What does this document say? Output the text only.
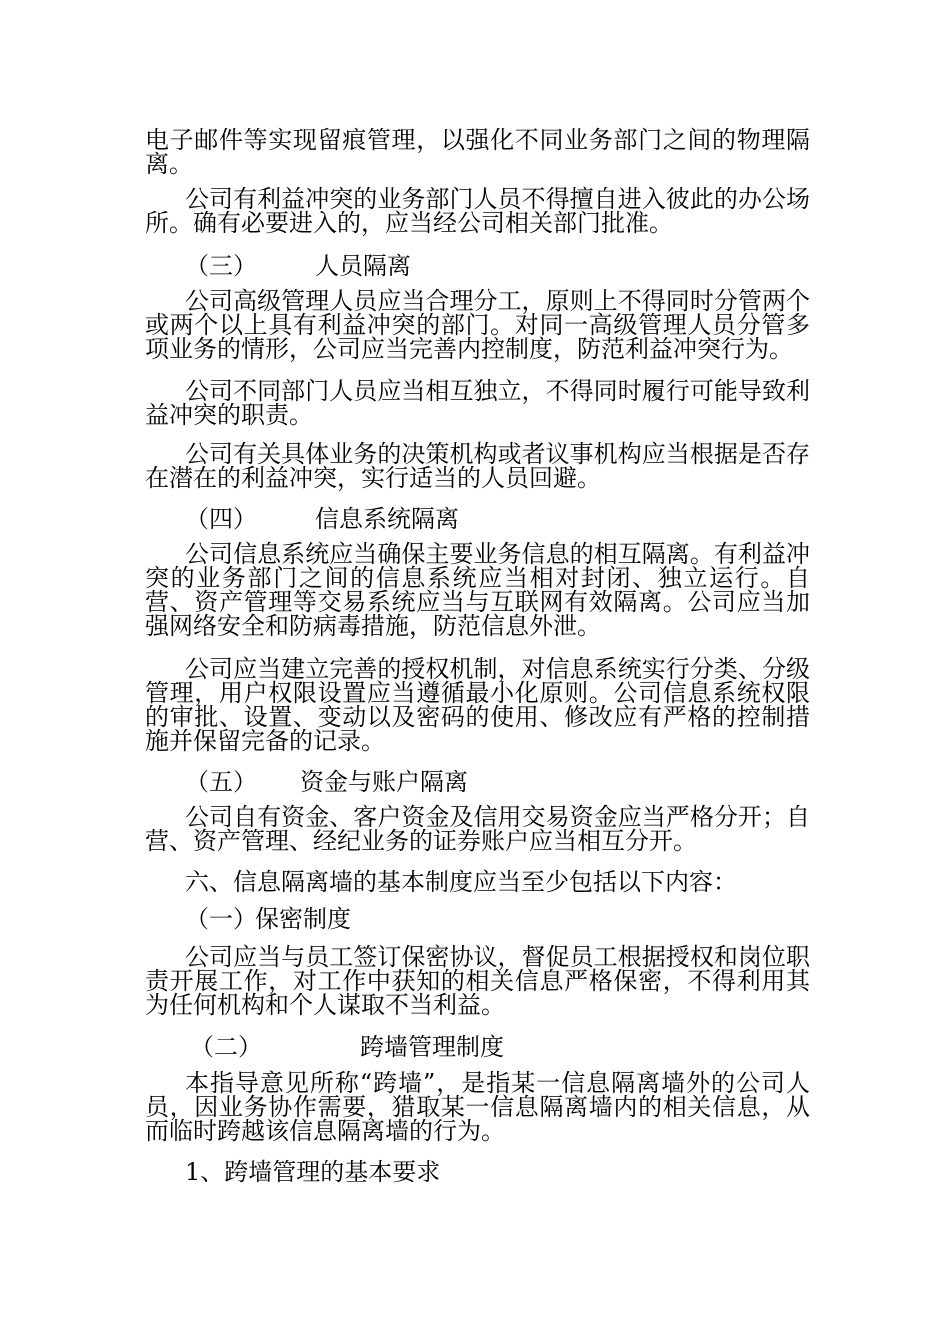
电子邮件等实现留痕管理，以强化不同业务部门之间的物理隔离。

公司有利益冲突的业务部门人员不得擅自进入彼此的办公场所。确有必要进入的，应当经公司相关部门批准。

（三） 人员隔离

公司高级管理人员应当合理分工，原则上不得同时分管两个或两个以上具有利益冲突的部门。对同一高级管理人员分管多项业务的情形，公司应当完善内控制度，防范利益冲突行为。

公司不同部门人员应当相互独立，不得同时履行可能导致利益冲突的职责。

公司有关具体业务的决策机构或者议事机构应当根据是否存在潜在的利益冲突，实行适当的人员回避。

（四） 信息系统隔离

公司信息系统应当确保主要业务信息的相互隔离。有利益冲突的业务部门之间的信息系统应当相对封闭、独立运行。自营、资产管理等交易系统应当与互联网有效隔离。公司应当加强网络安全和防病毒措施，防范信息外泄。

公司应当建立完善的授权机制，对信息系统实行分类、分级管理，用户权限设置应当遵循最小化原则。公司信息系统权限的审批、设置、变动以及密码的使用、修改应有严格的控制措施并保留完备的记录。

（五） 资金与账户隔离

公司自有资金、客户资金及信用交易资金应当严格分开；自营、资产管理、经纪业务的证券账户应当相互分开。

六、信息隔离墙的基本制度应当至少包括以下内容：

（一）
保密制度

公司应当与员工签订保密协议，督促员工根据授权和岗位职责开展工作，对工作中获知的相关信息严格保密，不得利用其为任何机构和个人谋取不当利益。

（二）	跨墙管理制度

本指导意见所称“跨墙”，是指某一信息隔离墙外的公司人员，因业务协作需要，猎取某一信息隔离墙内的相关信息，从而临时跨越该信息隔离墙的行为。

1、跨墙管理的基本要求
